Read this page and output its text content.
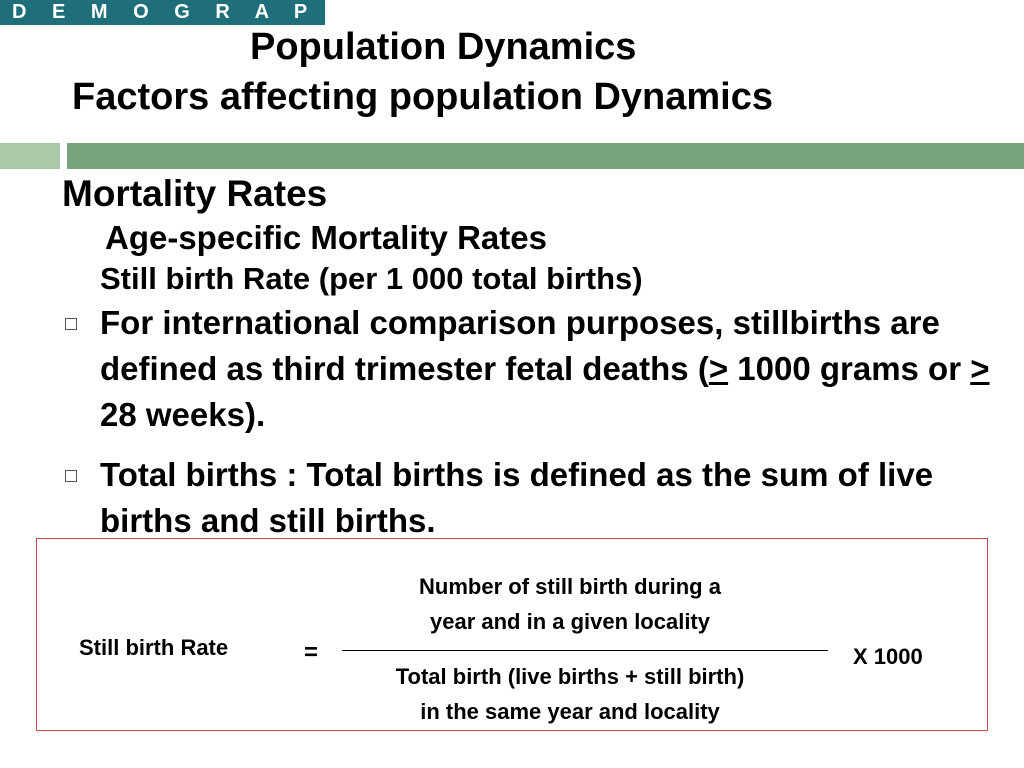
D E M O G R A P H Y
Population Dynamics
Factors affecting population Dynamics
Mortality Rates
Age-specific Mortality Rates
Still birth Rate (per 1 000 total births)
For international comparison purposes, stillbirths are defined as third trimester fetal deaths (> 1000 grams or > 28 weeks).
Total births : Total births is defined as the sum of live births and still births.
Still birth Rate	=
Number of still birth during a
year and in a given locality
Total birth (live births + still birth)
in the same year and locality
X 1000
